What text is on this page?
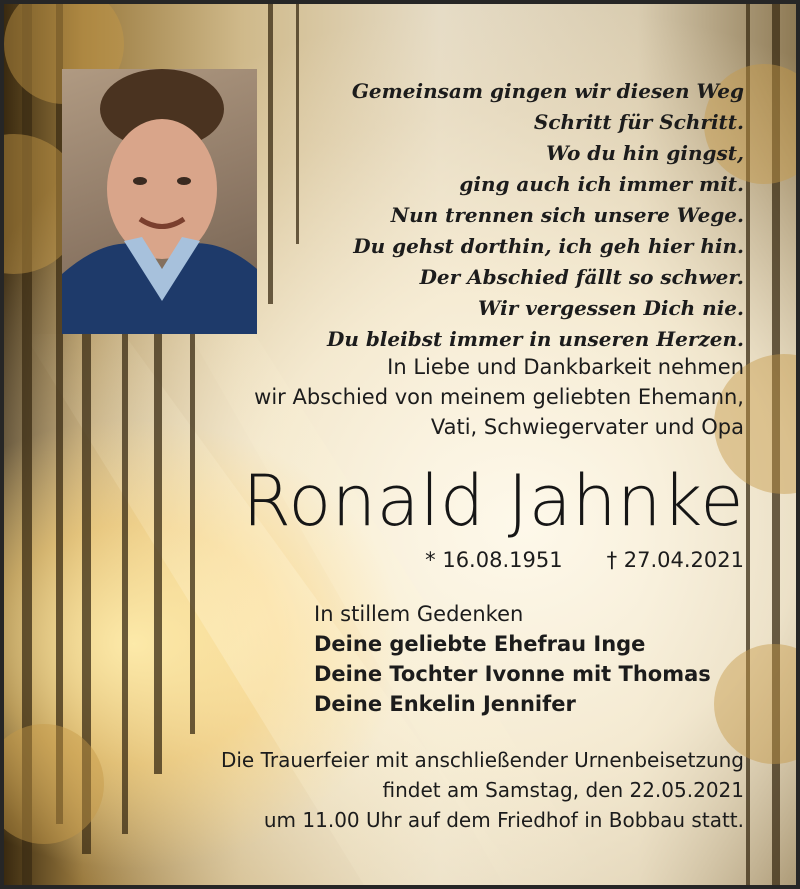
Gemeinsam gingen wir diesen Weg
Schritt für Schritt.
Wo du hin gingst,
ging auch ich immer mit.
Nun trennen sich unsere Wege.
Du gehst dorthin, ich geh hier hin.
Der Abschied fällt so schwer.
Wir vergessen Dich nie.
Du bleibst immer in unseren Herzen.
In Liebe und Dankbarkeit nehmen
wir Abschied von meinem geliebten Ehemann,
Vati, Schwiegervater und Opa
Ronald Jahnke
* 16.08.1951 † 27.04.2021
In stillem Gedenken
Deine geliebte Ehefrau Inge
Deine Tochter Ivonne mit Thomas
Deine Enkelin Jennifer
Die Trauerfeier mit anschließender Urnenbeisetzung
findet am Samstag, den 22.05.2021
um 11.00 Uhr auf dem Friedhof in Bobbau statt.
